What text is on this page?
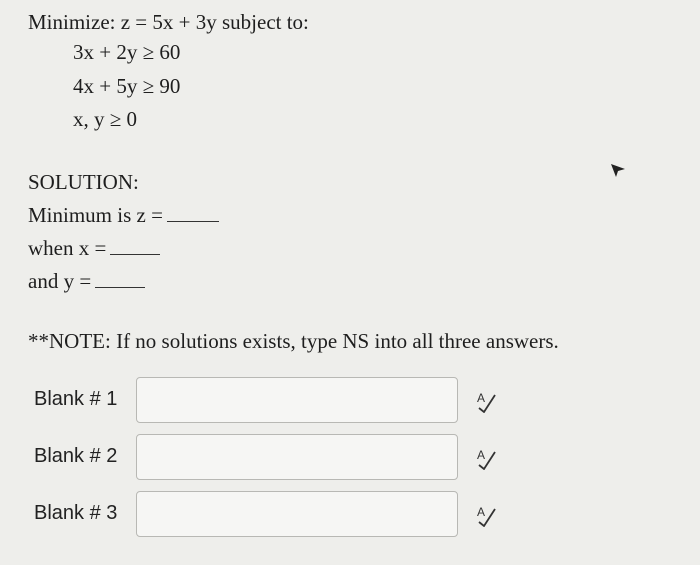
Minimize: z = 5x + 3y subject to:
3x + 2y ≥ 60
4x + 5y ≥ 90
x, y ≥ 0
SOLUTION:
Minimum is z =
when x =
and y =
**NOTE: If no solutions exists, type NS into all three answers.
Blank # 1	A
Blank # 2	A
Blank # 3	A
